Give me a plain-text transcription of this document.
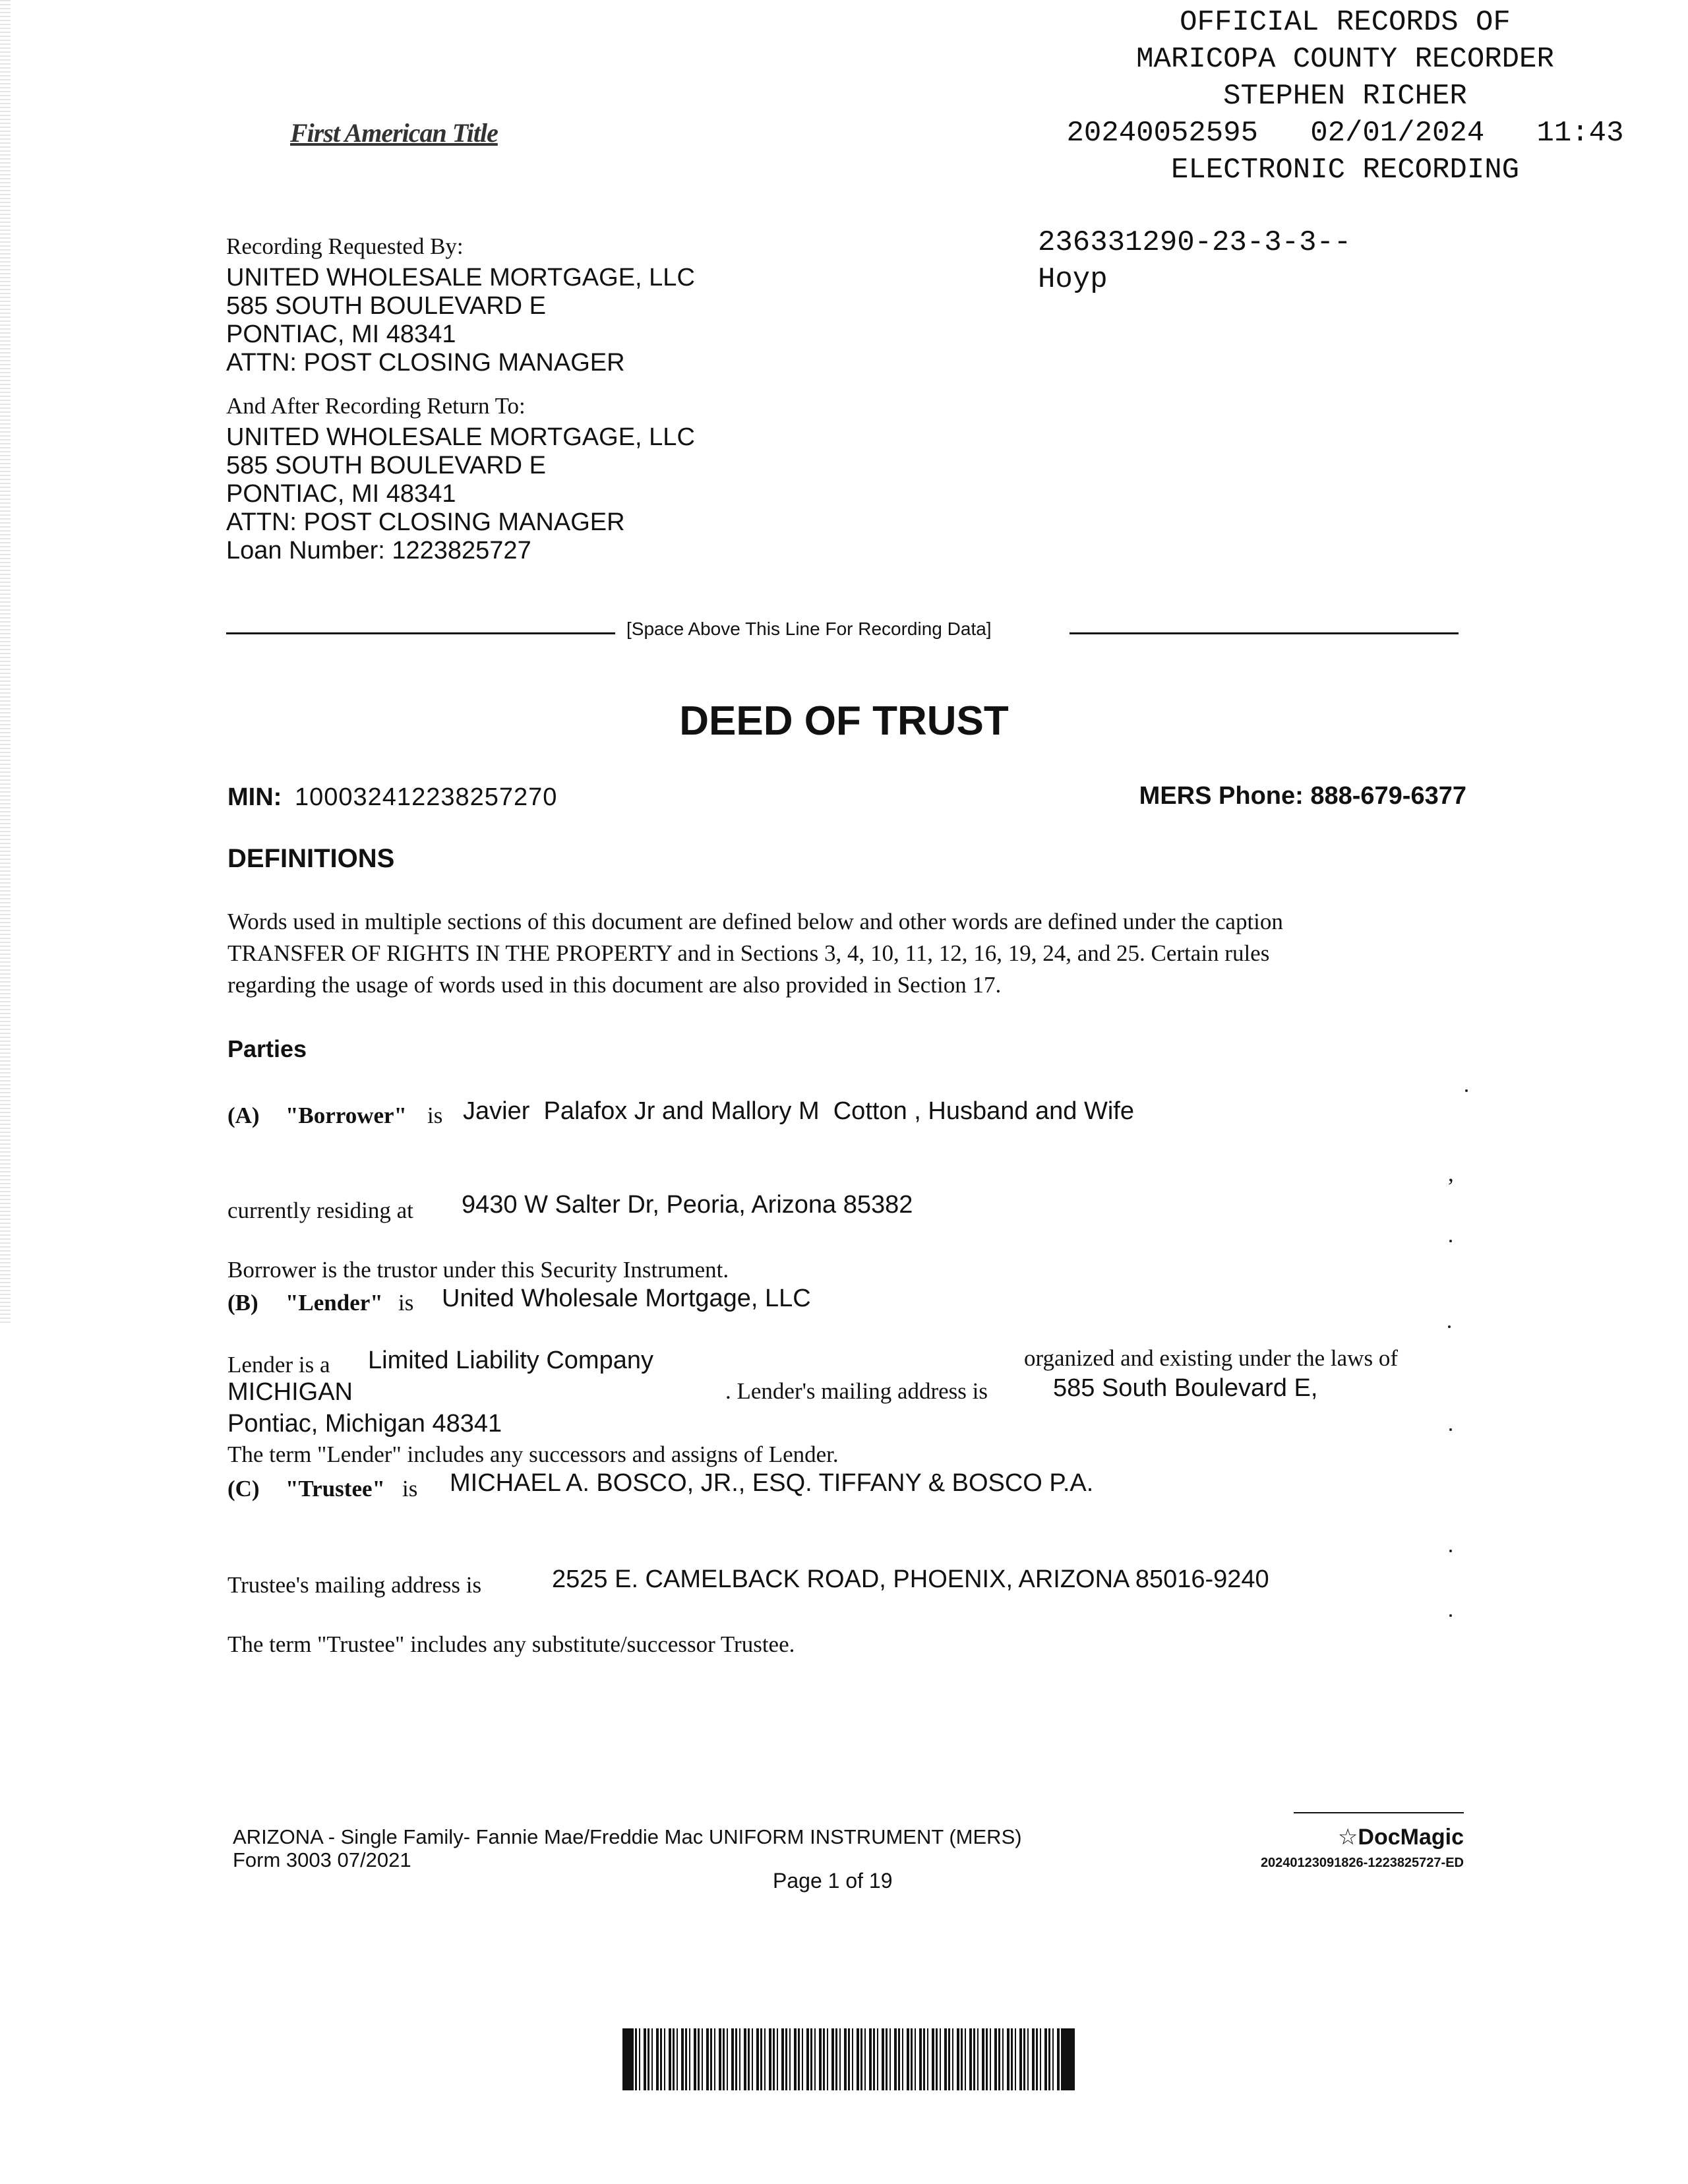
First American Title
OFFICIAL RECORDS OF
MARICOPA COUNTY RECORDER
STEPHEN RICHER
20240052595   02/01/2024   11:43
ELECTRONIC RECORDING
236331290-23-3-3--
Hoyp
Recording Requested By:
UNITED WHOLESALE MORTGAGE, LLC
585 SOUTH BOULEVARD E
PONTIAC, MI 48341
ATTN: POST CLOSING MANAGER
And After Recording Return To:
UNITED WHOLESALE MORTGAGE, LLC
585 SOUTH BOULEVARD E
PONTIAC, MI 48341
ATTN: POST CLOSING MANAGER
Loan Number: 1223825727
[Space Above This Line For Recording Data]
DEED OF TRUST
MIN: 100032412238257270	MERS Phone: 888-679-6377
DEFINITIONS
Words used in multiple sections of this document are defined below and other words are defined under the caption
TRANSFER OF RIGHTS IN THE PROPERTY and in Sections 3, 4, 10, 11, 12, 16, 19, 24, and 25. Certain rules
regarding the usage of words used in this document are also provided in Section 17.
Parties
(A) "Borrower" is Javier  Palafox Jr and Mallory M  Cotton , Husband and Wife
,
currently residing at 9430 W Salter Dr, Peoria, Arizona 85382
Borrower is the trustor under this Security Instrument.
(B) "Lender" is United Wholesale Mortgage, LLC
Lender is a Limited Liability Company	organized and existing under the laws of
MICHIGAN	. Lender's mailing address is	585 South Boulevard E,
Pontiac, Michigan 48341
The term "Lender" includes any successors and assigns of Lender.
(C) "Trustee" is MICHAEL A. BOSCO, JR., ESQ. TIFFANY & BOSCO P.A.
Trustee's mailing address is	2525 E. CAMELBACK ROAD, PHOENIX, ARIZONA 85016-9240
The term "Trustee" includes any substitute/successor Trustee.
ARIZONA - Single Family- Fannie Mae/Freddie Mac UNIFORM INSTRUMENT (MERS)
Form 3003 07/2021
Page 1 of 19
☆DocMagic
20240123091826-1223825727-ED
